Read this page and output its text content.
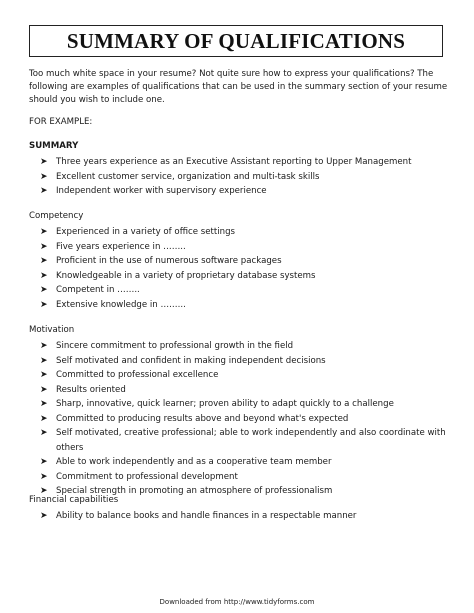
SUMMARY OF QUALIFICATIONS

Too much white space in your resume? Not quite sure how to express your qualifications? The following are examples of qualifications that can be used in the summary section of your resume should you wish to include one.

FOR EXAMPLE:

SUMMARY

➤ Three years experience as an Executive Assistant reporting to Upper Management
➤ Excellent customer service, organization and multi-task skills
➤ Independent worker with supervisory experience

Competency

➤ Experienced in a variety of office settings
➤ Five years experience in ……..
➤ Proficient in the use of numerous software packages
➤ Knowledgeable in a variety of proprietary database systems
➤ Competent in ……..
➤ Extensive knowledge in ……...

Motivation

➤ Sincere commitment to professional growth in the field
➤ Self motivated and confident in making independent decisions
➤ Committed to professional excellence
➤ Results oriented
➤ Sharp, innovative, quick learner; proven ability to adapt quickly to a challenge
➤ Committed to producing results above and beyond what's expected
➤ Self motivated, creative professional; able to work independently and also coordinate with others
➤ Able to work independently and as a cooperative team member
➤ Commitment to professional development
➤ Special strength in promoting an atmosphere of professionalism

Financial capabilities

➤ Ability to balance books and handle finances in a respectable manner
Downloaded from http://www.tidyforms.com
